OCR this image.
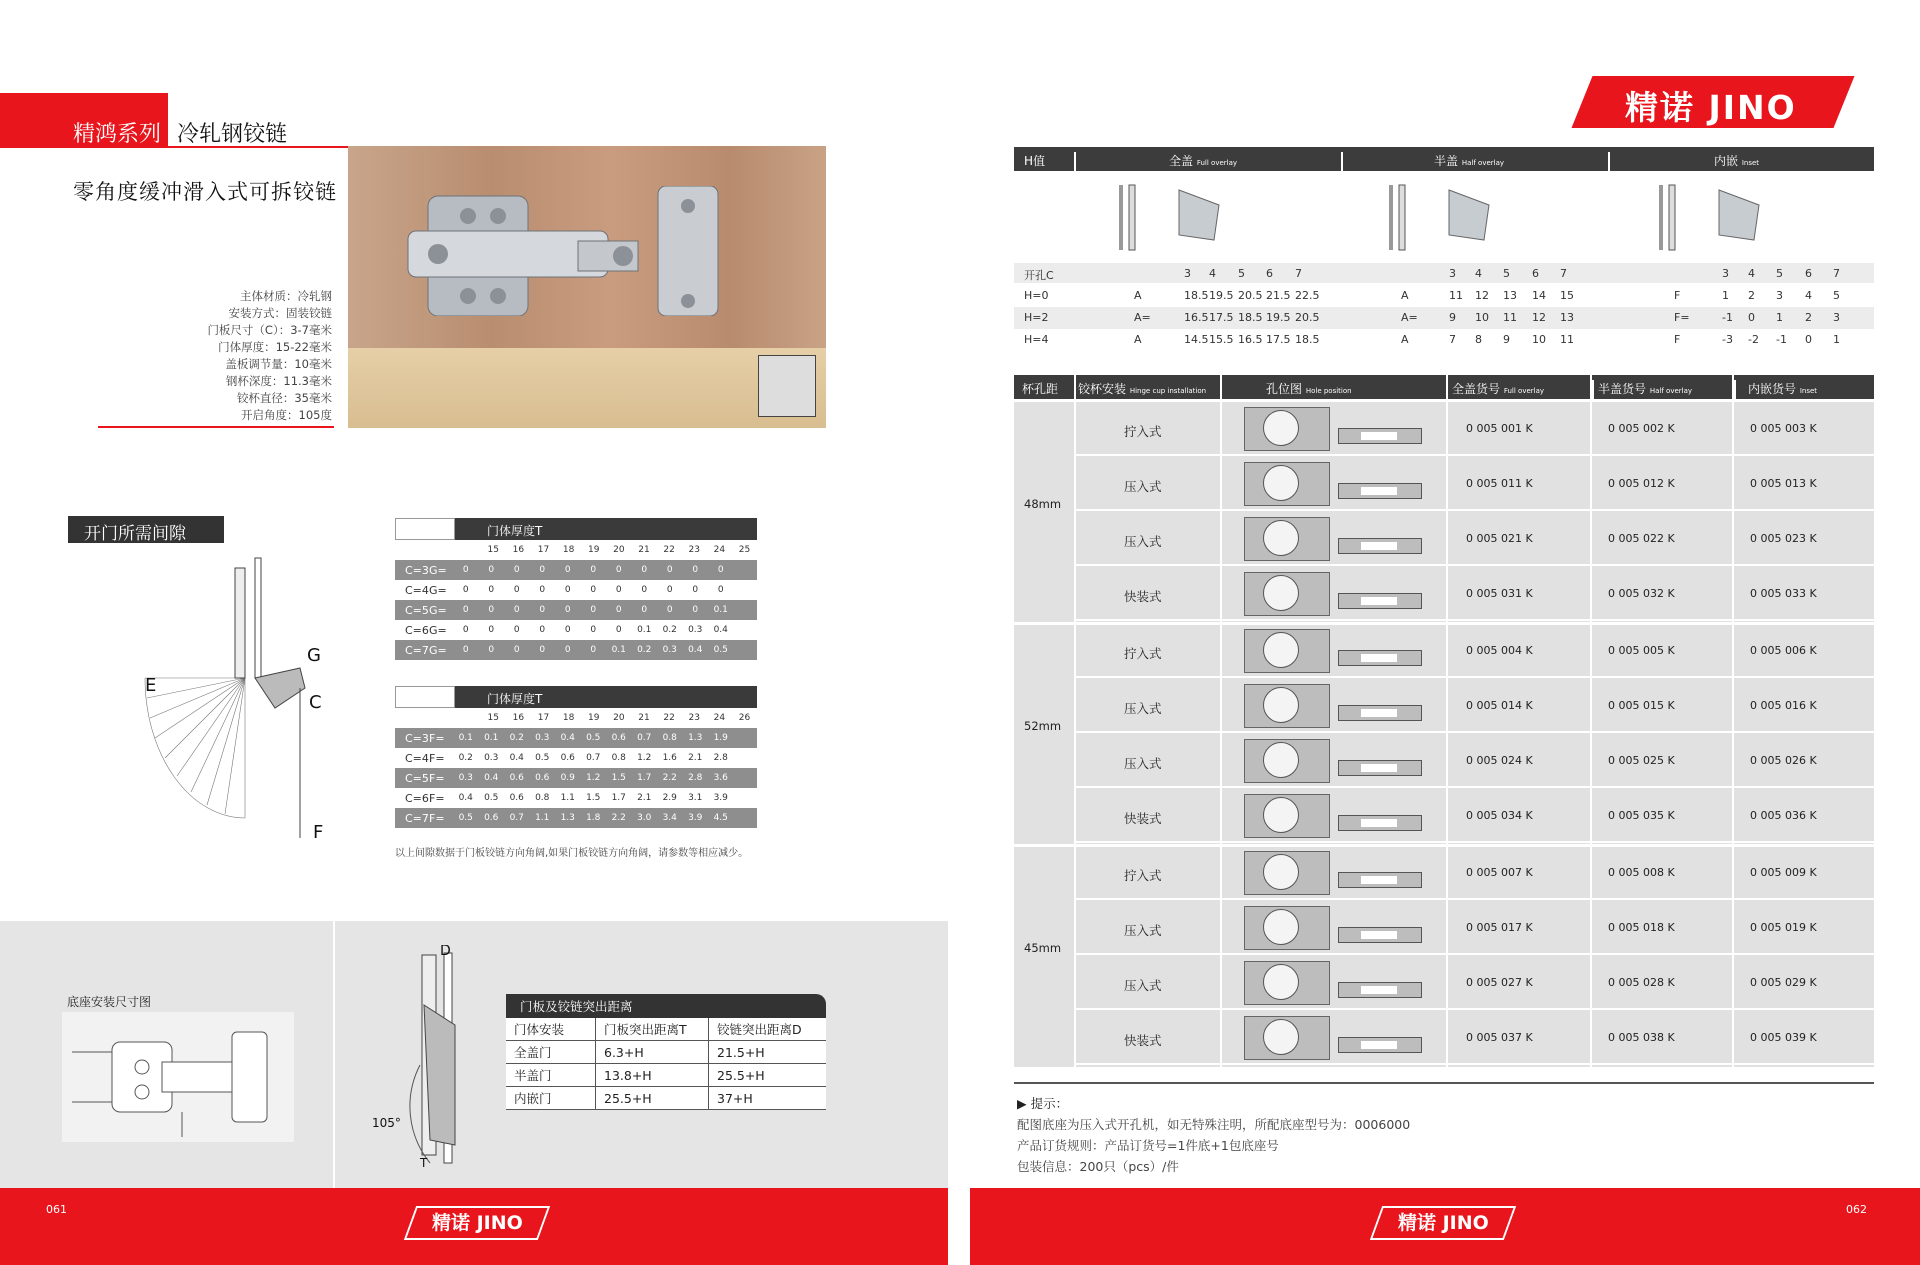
精鸿系列 冷轧钢铰链
零角度缓冲滑入式可拆铰链
主体材质：冷轧钢
安装方式：固装铰链
门板尺寸（C）：3-7毫米
门体厚度：15-22毫米
盖板调节量：10毫米
钢杯深度：11.3毫米
铰杯直径：35毫米
开启角度：105度
开门所需间隙
E
G
C
F
门体厚度T
15	16	17	18	19	20	21	22	23	24	25
C=3 G=	0	0	0	0	0	0	0	0	0	0	0
C=4 G=	0	0	0	0	0	0	0	0	0	0	0
C=5 G=	0	0	0	0	0	0	0	0	0	0	0.1
C=6 G=	0	0	0	0	0	0	0	0.1	0.2	0.3	0.4
C=7 G=	0	0	0	0	0	0	0.1	0.2	0.3	0.4	0.5
门体厚度T
15	16	17	18	19	20	21	22	23	24	26
C=3 F=	0.1	0.1	0.2	0.3	0.4	0.5	0.6	0.7	0.8	1.3	1.9
C=4 F=	0.2	0.3	0.4	0.5	0.6	0.7	0.8	1.2	1.6	2.1	2.8
C=5 F=	0.3	0.4	0.6	0.6	0.9	1.2	1.5	1.7	2.2	2.8	3.6
C=6 F=	0.4	0.5	0.6	0.8	1.1	1.5	1.7	2.1	2.9	3.1	3.9
C=7 F=	0.5	0.6	0.7	1.1	1.3	1.8	2.2	3.0	3.4	3.9	4.5
以上间隙数据于门板铰链方向角阔,如果门板铰链方向角阔，请参数等相应减少。
底座安装尺寸图
D
T
105°
门板及铰链突出距离
门体安装	门板突出距离T	铰链突出距离D
全盖门	6.3+H	21.5+H
半盖门	13.8+H	25.5+H
内嵌门	25.5+H	37+H
061
精诺 JINO
精诺 JINO
H值	全盖 Full overlay	半盖 Half overlay	内嵌 Inset
开孔C	3 4 5 6 7	3 4 5 6 7	3 4 5 6 7
H=0	A	18.5 19.5 20.5 21.5 22.5	A	11 12 13 14 15	F	1 2 3 4 5
H=2	A=	16.5 17.5 18.5 19.5 20.5	A=	9 10 11 12 13	F=	-1 0 1 2 3
H=4	A	14.5 15.5 16.5 17.5 18.5	A	7 8 9 10 11	F	-3 -2 -1 0 1
杯孔距 铰杯安装 Hinge cup installation	孔位图 Hole position	全盖货号 Full overlay	半盖货号 Half overlay	内嵌货号 Inset
48mm
拧入式	0 005 001 K	0 005 002 K	0 005 003 K
压入式	0 005 011 K	0 005 012 K	0 005 013 K
压入式	0 005 021 K	0 005 022 K	0 005 023 K
快装式	0 005 031 K	0 005 032 K	0 005 033 K
52mm
拧入式	0 005 004 K	0 005 005 K	0 005 006 K
压入式	0 005 014 K	0 005 015 K	0 005 016 K
压入式	0 005 024 K	0 005 025 K	0 005 026 K
快装式	0 005 034 K	0 005 035 K	0 005 036 K
45mm
拧入式	0 005 007 K	0 005 008 K	0 005 009 K
压入式	0 005 017 K	0 005 018 K	0 005 019 K
压入式	0 005 027 K	0 005 028 K	0 005 029 K
快装式	0 005 037 K	0 005 038 K	0 005 039 K
▶ 提示：
配图底座为压入式开孔机，如无特殊注明，所配底座型号为：0006000
产品订货规则：产品订货号=1件底+1包底座号
包装信息：200只（pcs）/件
062
精诺 JINO
